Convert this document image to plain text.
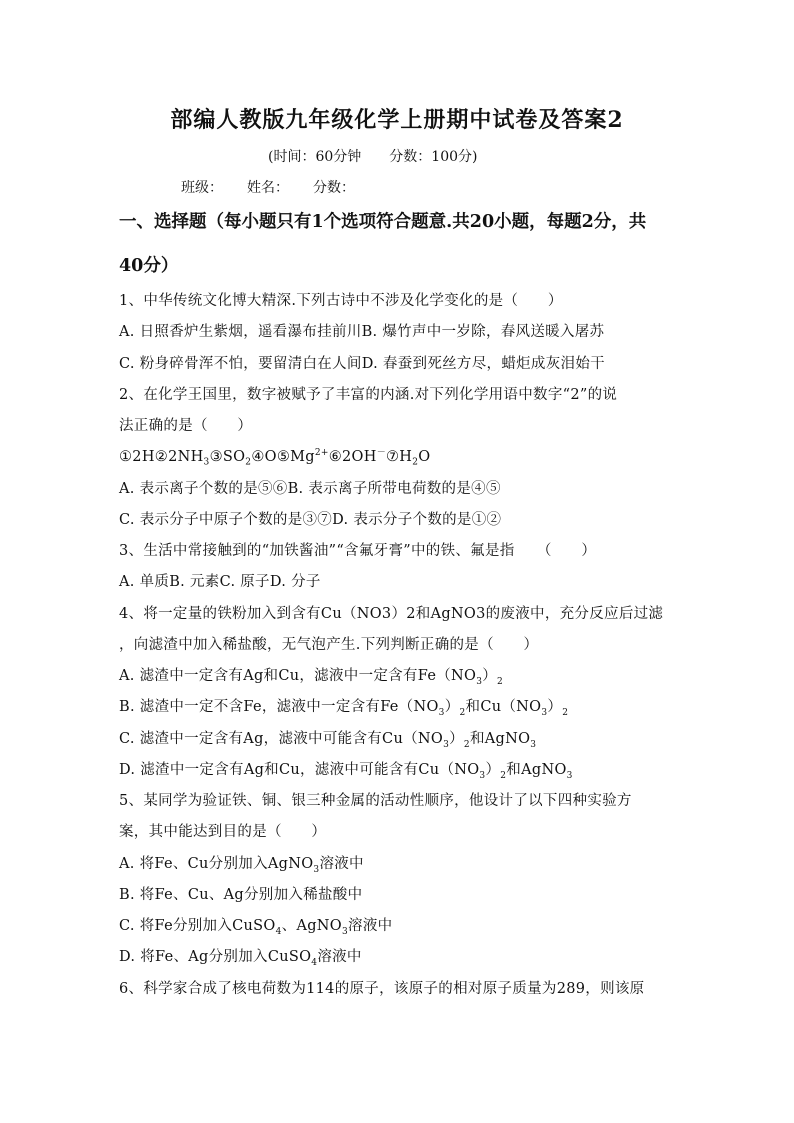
部编人教版九年级化学上册期中试卷及答案2
(时间：60分钟 分数：100分)
班级： 姓名： 分数：
一、选择题（每小题只有1个选项符合题意.共20小题，每题2分，共
40分）
1、中华传统文化博大精深.下列古诗中不涉及化学变化的是（　　）
A. 日照香炉生紫烟，遥看瀑布挂前川B. 爆竹声中一岁除，春风送暖入屠苏
C. 粉身碎骨浑不怕，要留清白在人间D. 春蚕到死丝方尽，蜡炬成灰泪始干
2、在化学王国里，数字被赋予了丰富的内涵.对下列化学用语中数字“2”的说
法正确的是（　　）
$①2H②2NH_3③SO_2④O⑤Mg^{2+}⑥2OH^-⑦H_2O$
A. 表示离子个数的是⑤⑥B. 表示离子所带电荷数的是④⑤
C. 表示分子中原子个数的是③⑦D. 表示分子个数的是①②
3、生活中常接触到的“加铁酱油”“含氟牙膏”中的铁、氟是指　　（　　）
A. 单质B. 元素C. 原子D. 分子
4、将一定量的铁粉加入到含有Cu（NO3）2和AgNO3的废液中，充分反应后过滤
，向滤渣中加入稀盐酸，无气泡产生.下列判断正确的是（　　）
A. 滤渣中一定含有Ag和Cu，滤液中一定含有$Fe(NO_3)_2$
B. 滤渣中一定不含Fe，滤液中一定含有$Fe(NO_3)_2$和$Cu(NO_3)_2$
C. 滤渣中一定含有Ag，滤液中可能含有$Cu(NO_3)_2$和AgNO$_3$
D. 滤渣中一定含有Ag和Cu，滤液中可能含有$Cu(NO_3)_2$和AgNO$_3$
5、某同学为验证铁、铜、银三种金属的活动性顺序，他设计了以下四种实验方
案，其中能达到目的是（　　）
A. 将Fe、Cu分别加入AgNO$_3$溶液中
B. 将Fe、Cu、Ag分别加入稀盐酸中
C. 将Fe分别加入CuSO$_4$、AgNO$_3$溶液中
D. 将Fe、Ag分别加入CuSO$_4$溶液中
6、科学家合成了核电荷数为114的原子，该原子的相对原子质量为289，则该原
